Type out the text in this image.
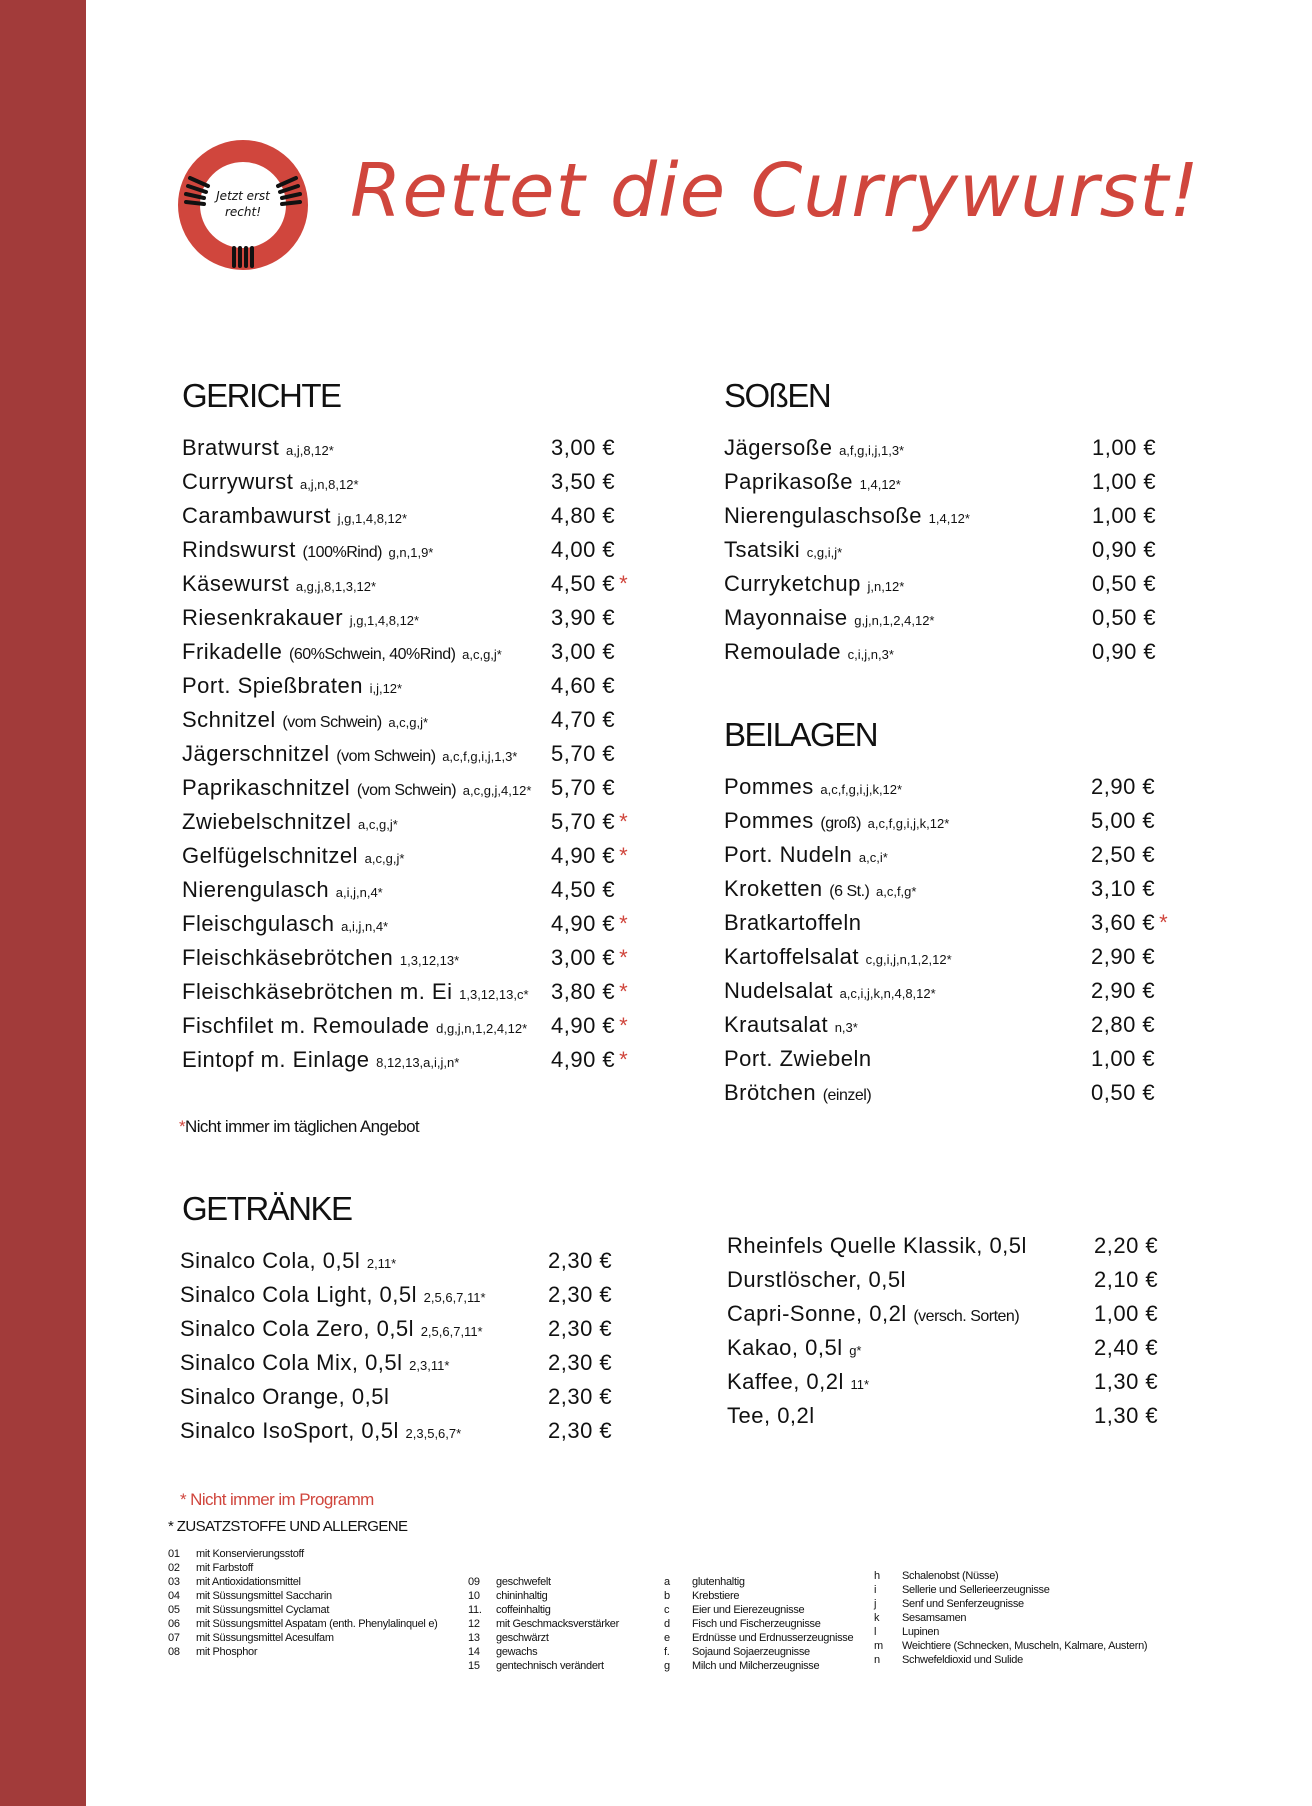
Jetzt erst
recht! Rettet die Currywurst!
GERICHTE
Bratwurst a,j,8,12*	3,00 €
Currywurst a,j,n,8,12*	3,50 €
Carambawurst j,g,1,4,8,12*	4,80 €
Rindswurst (100%Rind) g,n,1,9*	4,00 €
Käsewurst a,g,j,8,1,3,12*	4,50 € *
Riesenkrakauer j,g,1,4,8,12*	3,90 €
Frikadelle (60%Schwein, 40%Rind) a,c,g,j* 3,00 €
Port. Spießbraten i,j,12*	4,60 €
Schnitzel (vom Schwein) a,c,g,j*	4,70 €
Jägerschnitzel (vom Schwein) a,c,f,g,i,j,1,3* 5,70 €
Paprikaschnitzel (vom Schwein) a,c,g,j,4,12* 5,70 €
Zwiebelschnitzel a,c,g,j*	5,70 € *
Gelfügelschnitzel a,c,g,j*	4,90 € *
Nierengulasch a,i,j,n,4*	4,50 €
Fleischgulasch a,i,j,n,4*	4,90 € *
Fleischkäsebrötchen 1,3,12,13*	3,00 € *
Fleischkäsebrötchen m. Ei 1,3,12,13,c* 3,80 € *
Fischfilet m. Remoulade d,g,j,n,1,2,4,12* 4,90 € *
Eintopf m. Einlage 8,12,13,a,i,j,n*	4,90 € *
*Nicht immer im täglichen Angebot
SOßEN
Jägersoße a,f,g,i,j,1,3*	1,00 €
Paprikasoße 1,4,12*	1,00 €
Nierengulaschsoße 1,4,12*	1,00 €
Tsatsiki c,g,i,j*	0,90 €
Curryketchup j,n,12*	0,50 €
Mayonnaise g,j,n,1,2,4,12*	0,50 €
Remoulade c,i,j,n,3*	0,90 €
BEILAGEN
Pommes a,c,f,g,i,j,k,12*	2,90 €
Pommes (groß) a,c,f,g,i,j,k,12*	5,00 €
Port. Nudeln a,c,i*	2,50 €
Kroketten (6 St.) a,c,f,g*	3,10 €
Bratkartoffeln	3,60 € *
Kartoffelsalat c,g,i,j,n,1,2,12*	2,90 €
Nudelsalat a,c,i,j,k,n,4,8,12*	2,90 €
Krautsalat n,3*	2,80 €
Port. Zwiebeln	1,00 €
Brötchen (einzel)	0,50 €
GETRÄNKE
Sinalco Cola, 0,5l 2,11*	2,30 €
Sinalco Cola Light, 0,5l 2,5,6,7,11*	2,30 €
Sinalco Cola Zero, 0,5l 2,5,6,7,11*	2,30 €
Sinalco Cola Mix, 0,5l 2,3,11*	2,30 €
Sinalco Orange, 0,5l	2,30 €
Sinalco IsoSport, 0,5l 2,3,5,6,7*	2,30 €
Rheinfels Quelle Klassik, 0,5l	2,20 €
Durstlöscher, 0,5l	2,10 €
Capri-Sonne, 0,2l (versch. Sorten)	1,00 €
Kakao, 0,5l g*	2,40 €
Kaffee, 0,2l 11*	1,30 €
Tee, 0,2l	1,30 €
* Nicht immer im Programm
* ZUSATZSTOFFE UND ALLERGENE
01 mit Konservierungsstoff
02 mit Farbstoff
03 mit Antioxidationsmittel
04 mit Süssungsmittel Saccharin
05 mit Süssungsmittel Cyclamat
06 mit Süssungsmittel Aspatam (enth. Phenylalinquel e)
07 mit Süssungsmittel Acesulfam
08 mit Phosphor
09 geschwefelt
10 chininhaltig
11. coffeinhaltig
12 mit Geschmacksverstärker
13 geschwärzt
14 gewachs
15 gentechnisch verändert
a glutenhaltig
b Krebstiere
c Eier und Eierezeugnisse
d Fisch und Fischerzeugnisse
e Erdnüsse und Erdnusserzeugnisse
f. Sojaund Sojaerzeugnisse
g Milch und Milcherzeugnisse
h Schalenobst (Nüsse)
i Sellerie und Sellerieerzeugnisse
j Senf und Senferzeugnisse
k Sesamsamen
l Lupinen
m Weichtiere (Schnecken, Muscheln, Kalmare, Austern)
n Schwefeldioxid und Sulide
